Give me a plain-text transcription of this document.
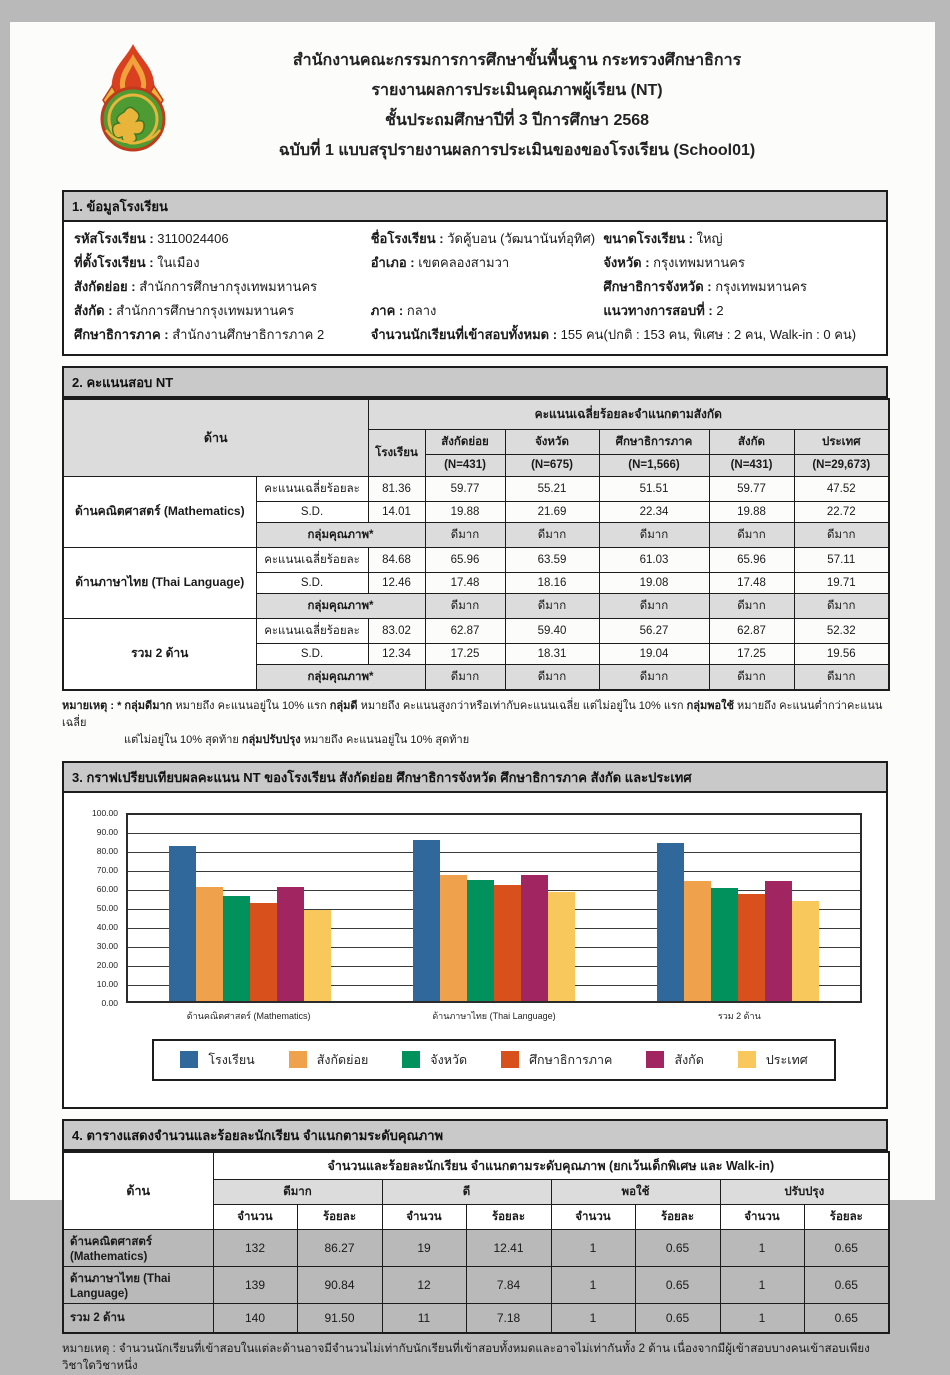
สำนักงานคณะกรรมการการศึกษาขั้นพื้นฐาน กระทรวงศึกษาธิการ
รายงานผลการประเมินคุณภาพผู้เรียน (NT)
ชั้นประถมศึกษาปีที่ 3 ปีการศึกษา 2568
ฉบับที่ 1 แบบสรุปรายงานผลการประเมินของของโรงเรียน (School01)
1. ข้อมูลโรงเรียน
รหัสโรงเรียน : 3110024406	ชื่อโรงเรียน : วัดคู้บอน (วัฒนานันท์อุทิศ) ขนาดโรงเรียน : ใหญ่
ที่ตั้งโรงเรียน : ในเมือง	อำเภอ : เขตคลองสามวา	จังหวัด : กรุงเทพมหานคร
สังกัดย่อย : สำนักการศึกษากรุงเทพมหานคร	ศึกษาธิการจังหวัด : กรุงเทพมหานคร
สังกัด : สำนักการศึกษากรุงเทพมหานคร	ภาค : กลาง	แนวทางการสอบที่ : 2
ศึกษาธิการภาค : สำนักงานศึกษาธิการภาค 2	จำนวนนักเรียนที่เข้าสอบทั้งหมด : 155 คน(ปกติ : 153 คน, พิเศษ : 2 คน, Walk-in : 0 คน)
2. คะแนนสอบ NT
ด้าน		คะแนนเฉลี่ยร้อยละจำแนกตามสังกัด					
		โรงเรียน	สังกัดย่อย	จังหวัด	ศึกษาธิการภาค	สังกัด	ประเทศ
			(N=431)	(N=675)	(N=1,566)	(N=431)	(N=29,673)
ด้านคณิตศาสตร์ (Mathematics)	คะแนนเฉลี่ยร้อยละ	81.36	59.77	55.21	51.51	59.77	47.52
	S.D.	14.01	19.88	21.69	22.34	19.88	22.72
	กลุ่มคุณภาพ*		ดีมาก	ดีมาก	ดีมาก	ดีมาก	ดีมาก
ด้านภาษาไทย (Thai Language)	คะแนนเฉลี่ยร้อยละ	84.68	65.96	63.59	61.03	65.96	57.11
	S.D.	12.46	17.48	18.16	19.08	17.48	19.71
	กลุ่มคุณภาพ*		ดีมาก	ดีมาก	ดีมาก	ดีมาก	ดีมาก
รวม 2 ด้าน	คะแนนเฉลี่ยร้อยละ	83.02	62.87	59.40	56.27	62.87	52.32
	S.D.	12.34	17.25	18.31	19.04	17.25	19.56
	กลุ่มคุณภาพ*		ดีมาก	ดีมาก	ดีมาก	ดีมาก	ดีมาก
หมายเหตุ : * กลุ่มดีมาก หมายถึง คะแนนอยู่ใน 10% แรก กลุ่มดี หมายถึง คะแนนสูงกว่าหรือเท่ากับคะแนนเฉลี่ย แต่ไม่อยู่ใน 10% แรก กลุ่มพอใช้ หมายถึง คะแนนต่ำกว่าคะแนนเฉลี่ย
แต่ไม่อยู่ใน 10% สุดท้าย กลุ่มปรับปรุง หมายถึง คะแนนอยู่ใน 10% สุดท้าย
3. กราฟเปรียบเทียบผลคะแนน NT ของโรงเรียน สังกัดย่อย ศึกษาธิการจังหวัด ศึกษาธิการภาค สังกัด และประเทศ
100.00
90.00
80.00
70.00
60.00
50.00
40.00
30.00
20.00
10.00
0.00
ด้านคณิตศาสตร์ (Mathematics)	ด้านภาษาไทย (Thai Language)	รวม 2 ด้าน
โรงเรียน	สังกัดย่อย	จังหวัด	ศึกษาธิการภาค	สังกัด	ประเทศ
4. ตารางแสดงจำนวนและร้อยละนักเรียน จำแนกตามระดับคุณภาพ
ด้าน	จำนวนและร้อยละนักเรียน จำแนกตามระดับคุณภาพ (ยกเว้นเด็กพิเศษ และ Walk-in)							
	ดีมาก		ดี		พอใช้		ปรับปรุง	
	จำนวน	ร้อยละ	จำนวน	ร้อยละ	จำนวน	ร้อยละ	จำนวน	ร้อยละ
ด้านคณิตศาสตร์ (Mathematics)	132	86.27	19	12.41	1	0.65	1	0.65
ด้านภาษาไทย (Thai Language)	139	90.84	12	7.84	1	0.65	1	0.65
รวม 2 ด้าน	140	91.50	11	7.18	1	0.65	1	0.65
หมายเหตุ : จำนวนนักเรียนที่เข้าสอบในแต่ละด้านอาจมีจำนวนไม่เท่ากับนักเรียนที่เข้าสอบทั้งหมดและอาจไม่เท่ากันทั้ง 2 ด้าน เนื่องจากมีผู้เข้าสอบบางคนเข้าสอบเพียงวิชาใดวิชาหนึ่ง
